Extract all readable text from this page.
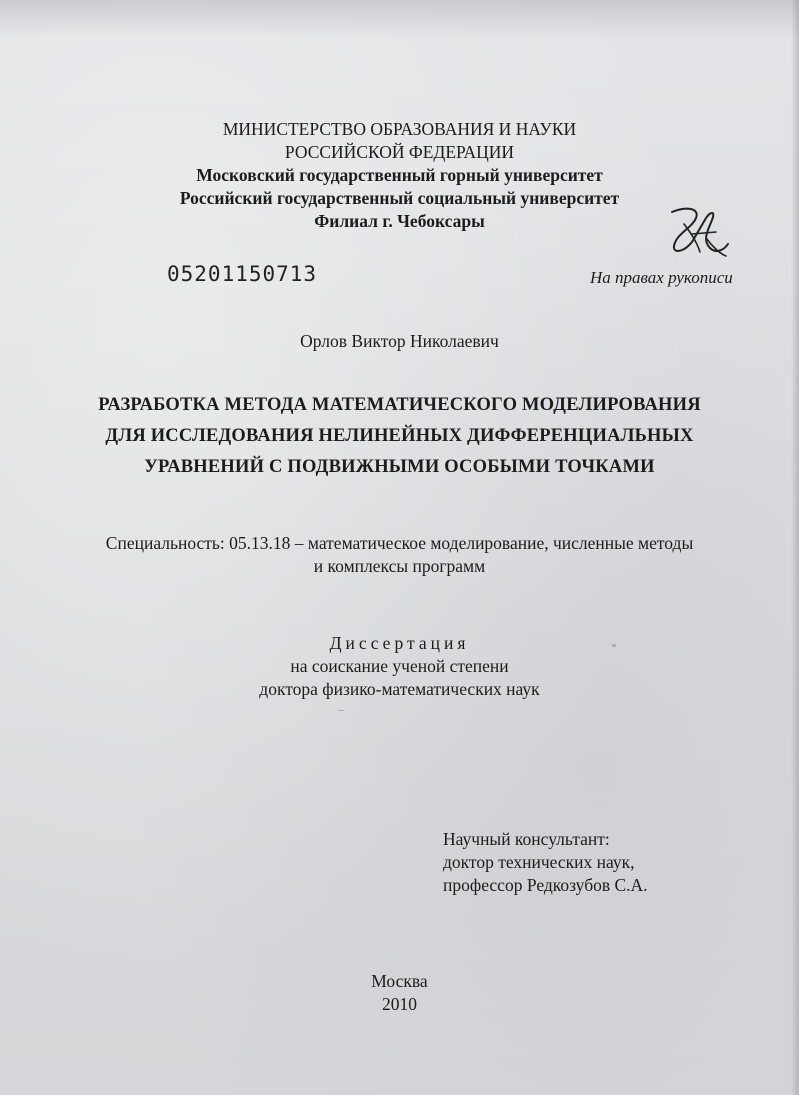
МИНИСТЕРСТВО ОБРАЗОВАНИЯ И НАУКИ
РОССИЙСКОЙ ФЕДЕРАЦИИ
Московский государственный горный университет
Российский государственный социальный университет
Филиал г. Чебоксары
05201150713	На правах рукописи
Орлов Виктор Николаевич
РАЗРАБОТКА МЕТОДА МАТЕМАТИЧЕСКОГО МОДЕЛИРОВАНИЯ
ДЛЯ ИССЛЕДОВАНИЯ НЕЛИНЕЙНЫХ ДИФФЕРЕНЦИАЛЬНЫХ
УРАВНЕНИЙ С ПОДВИЖНЫМИ ОСОБЫМИ ТОЧКАМИ
Специальность: 05.13.18 – математическое моделирование, численные методы
и комплексы программ
Диссертация
на соискание ученой степени
доктора физико-математических наук
Научный консультант:
доктор технических наук,
профессор Редкозубов С.А.
Москва
2010
